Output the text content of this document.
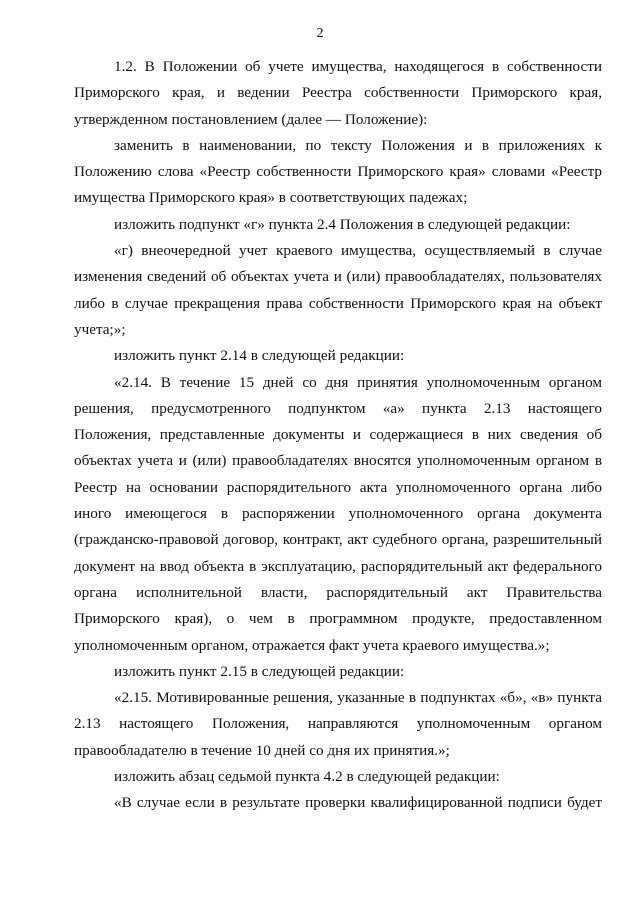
2

1.2. В Положении об учете имущества, находящегося в собственности Приморского края, и ведении Реестра собственности Приморского края, утвержденном постановлением (далее — Положение):

заменить в наименовании, по тексту Положения и в приложениях к Положению слова «Реестр собственности Приморского края» словами «Реестр имущества Приморского края» в соответствующих падежах;

изложить подпункт «г» пункта 2.4 Положения в следующей редакции:

«г) внеочередной учет краевого имущества, осуществляемый в случае изменения сведений об объектах учета и (или) правообладателях, пользователях либо в случае прекращения права собственности Приморского края на объект учета;»;

изложить пункт 2.14 в следующей редакции:

«2.14. В течение 15 дней со дня принятия уполномоченным органом решения, предусмотренного подпунктом «а» пункта 2.13 настоящего Положения, представленные документы и содержащиеся в них сведения об объектах учета и (или) правообладателях вносятся уполномоченным органом в Реестр на основании распорядительного акта уполномоченного органа либо иного имеющегося в распоряжении уполномоченного органа документа (гражданско-правовой договор, контракт, акт судебного органа, разрешительный документ на ввод объекта в эксплуатацию, распорядительный акт федерального органа исполнительной власти, распорядительный акт Правительства Приморского края), о чем в программном продукте, предоставленном уполномоченным органом, отражается факт учета краевого имущества.»;

изложить пункт 2.15 в следующей редакции:

«2.15. Мотивированные решения, указанные в подпунктах «б», «в» пункта 2.13 настоящего Положения, направляются уполномоченным органом правообладателю в течение 10 дней со дня их принятия.»;

изложить абзац седьмой пункта 4.2 в следующей редакции:

«В случае если в результате проверки квалифицированной подписи будет
